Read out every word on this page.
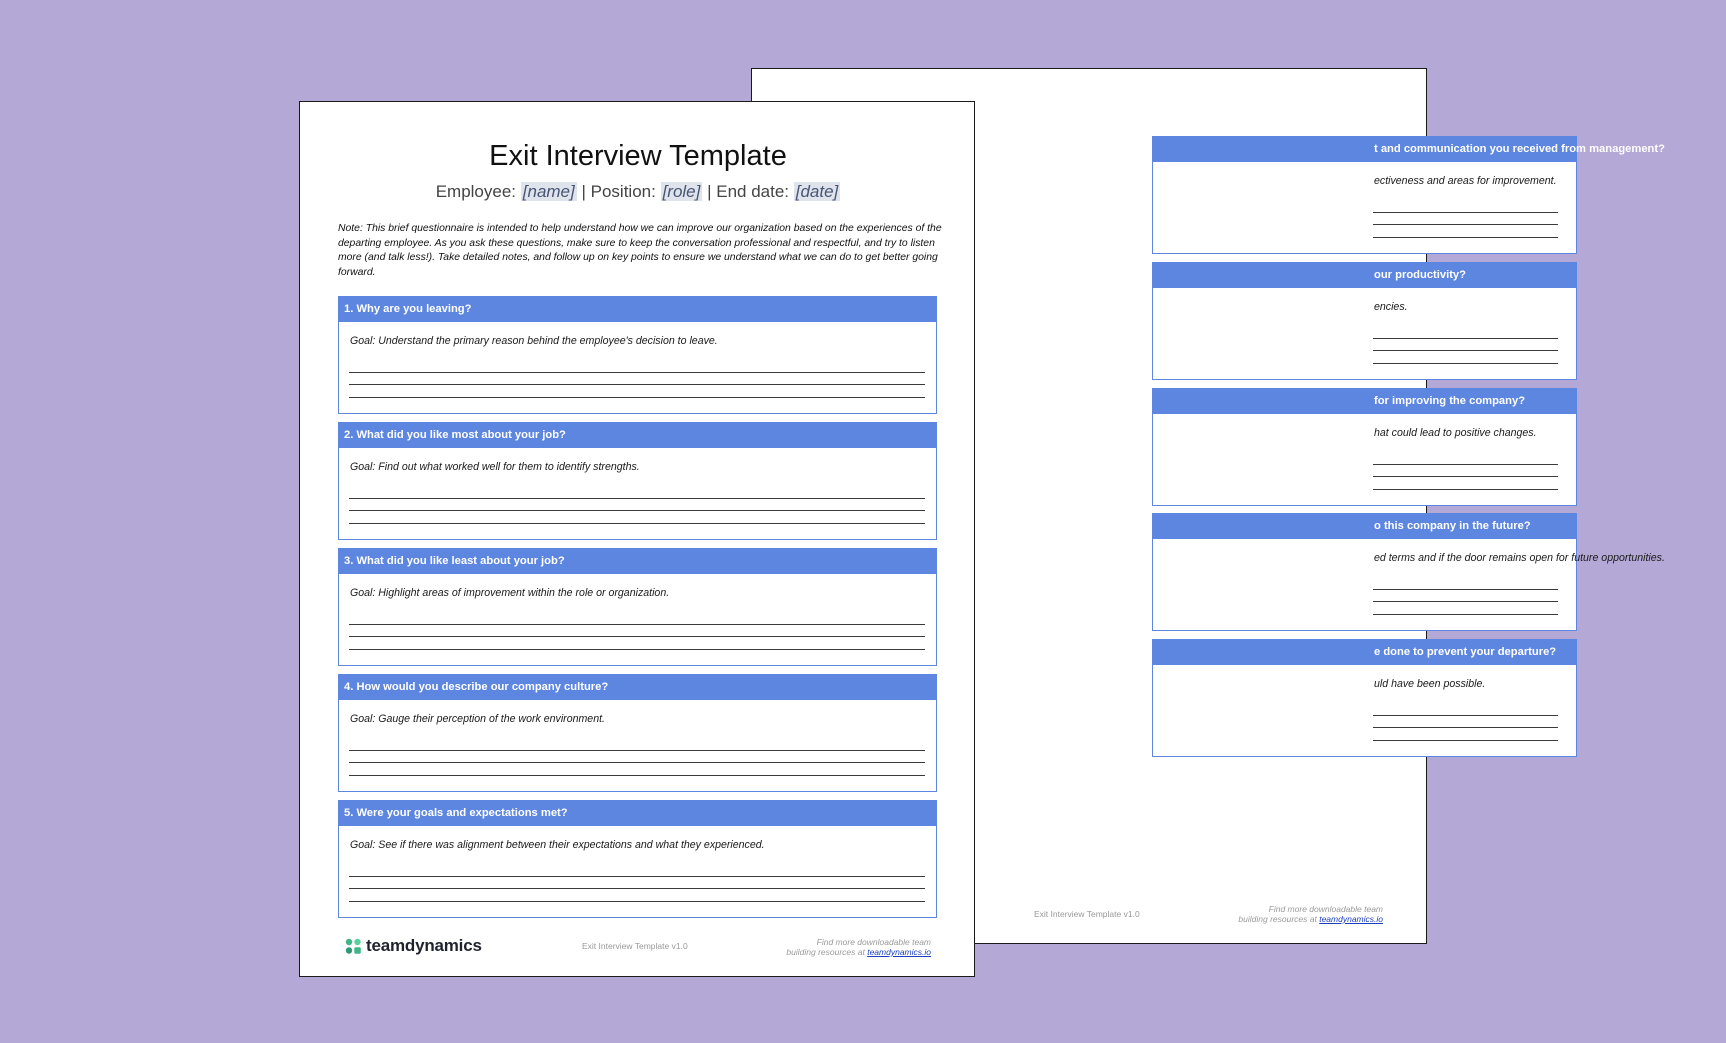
t and communication you received from management?
ectiveness and areas for improvement.
our productivity?
encies.
for improving the company?
hat could lead to positive changes.
o this company in the future?
ed terms and if the door remains open for future opportunities.
e done to prevent your departure?
uld have been possible.
Exit Interview Template v1.0	Find more downloadable team
building resources at teamdynamics.io
Exit Interview Template
Employee: [name] | Position: [role] | End date: [date]
Note: This brief questionnaire is intended to help understand how we can improve our organization based on the experiences of the departing employee. As you ask these questions, make sure to keep the conversation professional and respectful, and try to listen more (and talk less!). Take detailed notes, and follow up on key points to ensure we understand what we can do to get better going forward.
1. Why are you leaving?
Goal: Understand the primary reason behind the employee's decision to leave.
2. What did you like most about your job?
Goal: Find out what worked well for them to identify strengths.
3. What did you like least about your job?
Goal: Highlight areas of improvement within the role or organization.
4. How would you describe our company culture?
Goal: Gauge their perception of the work environment.
5. Were your goals and expectations met?
Goal: See if there was alignment between their expectations and what they experienced.
teamdynamics	Exit Interview Template v1.0	Find more downloadable team
building resources at teamdynamics.io
